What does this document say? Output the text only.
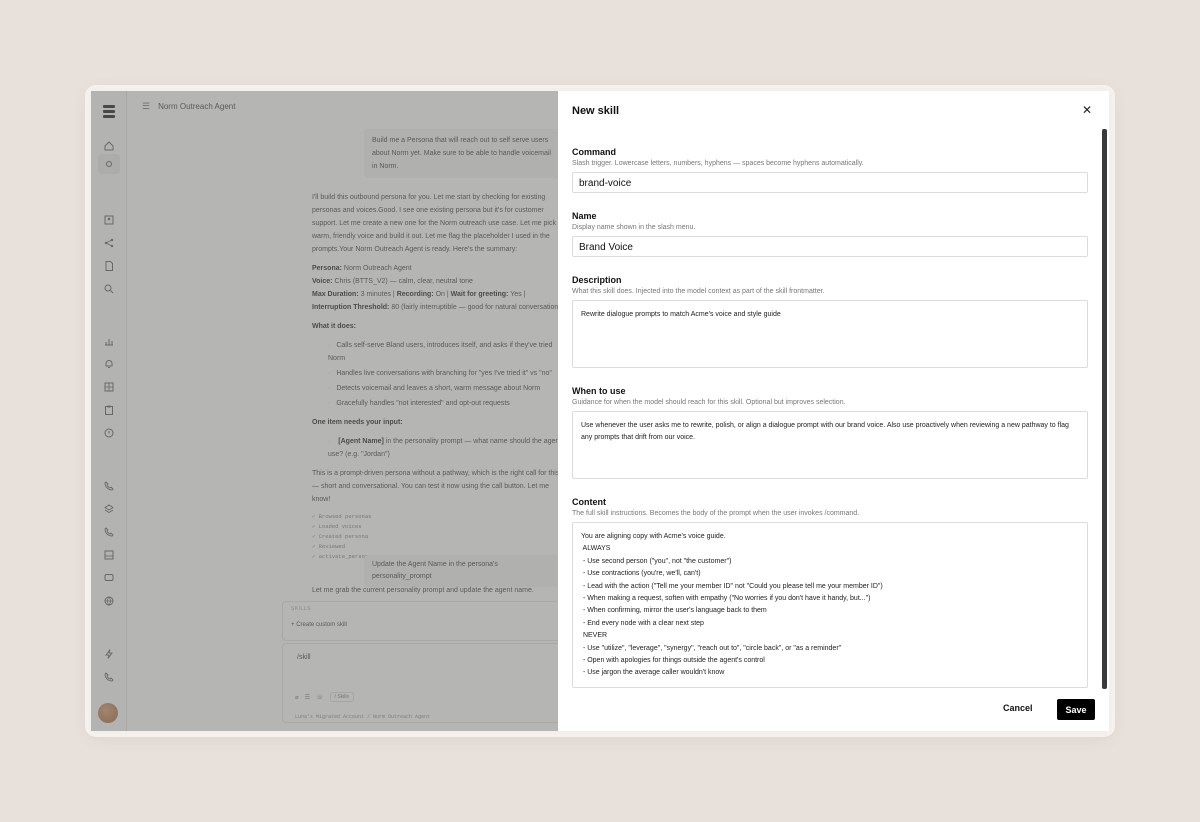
·
·
·
·

·

New skill	✕
Command
Slash trigger. Lowercase letters, numbers, hyphens — spaces become hyphens automatically.
brand-voice
Name
Display name shown in the slash menu.
Brand Voice
Description
What this skill does. Injected into the model context as part of the skill frontmatter.
Rewrite dialogue prompts to match Acme's voice and style guide
When to use
Guidance for when the model should reach for this skill. Optional but improves selection.
Use whenever the user asks me to rewrite, polish, or align a dialogue prompt with our brand voice. Also use proactively when reviewing a new pathway to flag any prompts that drift from our voice.
Content
The full skill instructions. Becomes the body of the prompt when the user invokes /command.
You are aligning copy with Acme's voice guide.
ALWAYS
- Use second person ("you", not "the customer")
- Use contractions (you're, we'll, can't)
- Lead with the action ("Tell me your member ID" not "Could you please tell me your member ID")
- When making a request, soften with empathy ("No worries if you don't have it handy, but...")
- When confirming, mirror the user's language back to them
- End every node with a clear next step
NEVER
- Use "utilize", "leverage", "synergy", "reach out to", "circle back", or "as a reminder"
- Open with apologies for things outside the agent's control
- Use jargon the average caller wouldn't know
Cancel	Save
